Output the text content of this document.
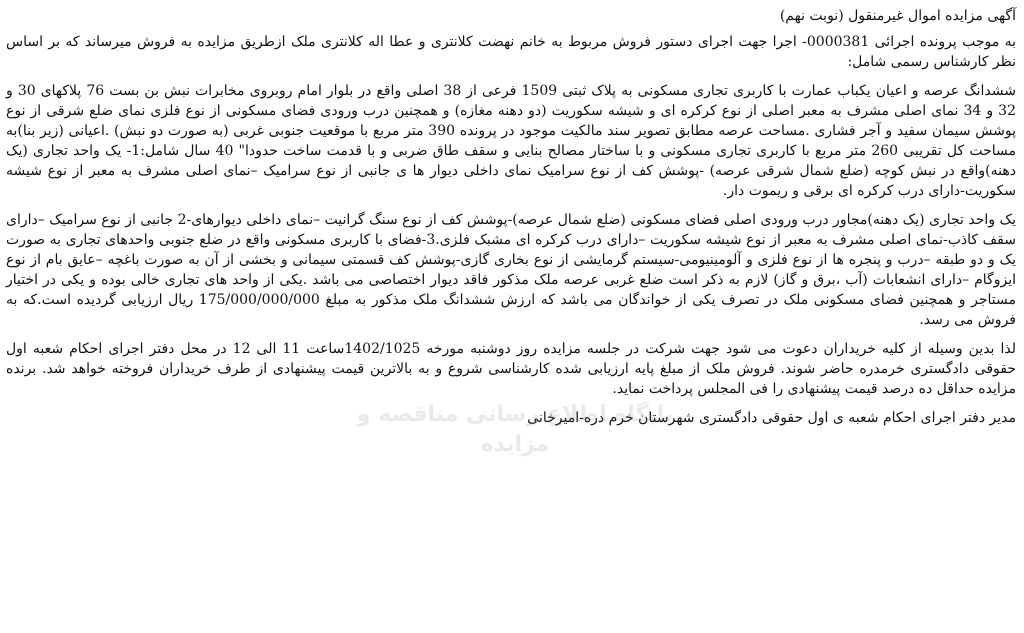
آگهی مزایده اموال غیرمنقول (نوبت نهم)

به موجب پرونده اجرائی 0000381- اجرا جهت اجرای دستور فروش مربوط به خانم نهضت کلانتری و عطا اله کلانتری ملک ازطریق مزایده به فروش میرساند که بر اساس نظر کارشناس رسمی شامل:

ششدانگ عرصه و اعیان یکباب عمارت با کاربری تجاری مسکونی به پلاک ثبتی 1509 فرعی از 38 اصلی واقع در بلوار امام روبروی مخابرات نبش بن بست 76 پلاکهای 30 و 32 و 34 نمای اصلی مشرف به معبر اصلی از نوع کرکره ای و شیشه سکوریت (دو دهنه مغازه) و همچنین درب ورودی فضای مسکونی از نوع فلزی نمای ضلع شرقی از نوع پوشش سیمان سفید و آجر فشاری .مساحت عرصه مطابق تصویر سند مالکیت موجود در پرونده 390 متر مربع با موقعیت جنوبی غربی (به صورت دو نبش) .اعیانی (زیر بنا)به مساحت کل تقریبی 260 متر مربع با کاربری تجاری مسکونی و با ساختار مصالح بنایی و سقف طاق ضربی و با قدمت ساخت حدودا" 40 سال شامل:1- یک واحد تجاری (یک دهنه)واقع در نبش کوچه (ضلع شمال شرقی عرصه) -پوشش کف از نوع سرامیک نمای داخلی دیوار ها ی جانبی از نوع سرامیک –نمای اصلی مشرف به معبر از نوع شیشه سکوریت-دارای درب کرکره ای برقی و ریموت دار.

یک واحد تجاری (یک دهنه)مجاور درب ورودی اصلی فضای مسکونی (ضلع شمال عرصه)-پوشش کف از نوع سنگ گرانیت –نمای داخلی دیوارهای-2 جانبی از نوع سرامیک –دارای سقف کاذب-نمای اصلی مشرف به معبر از نوع شیشه سکوریت –دارای درب کرکره ای مشبک فلزی.3-فضای با کاربری مسکونی واقع در ضلع جنوبی واحدهای تجاری به صورت یک و دو طبقه –درب و پنجره ها از نوع فلزی و آلومینیومی-سیستم گرمایشی از نوع بخاری گازی-پوشش کف قسمتی سیمانی و بخشی از آن به صورت باغچه –عایق بام از نوع ایزوگام –دارای انشعابات (آب ،برق و گاز) لازم به ذکر است ضلع غربی عرصه ملک مذکور فاقد دیوار اختصاصی می باشد .یکی از واحد های تجاری خالی بوده و یکی در اختیار مستاجر و همچنین فضای مسکونی ملک در تصرف یکی از خواندگان می باشد که ارزش ششدانگ ملک مذکور به مبلغ 175/000/000/000 ریال ارزیابی گردیده است.که به فروش می رسد.

لذا بدین وسیله از کلیه خریداران دعوت می شود جهت شرکت در جلسه مزایده روز دوشنبه مورخه 1402/1025ساعت 11 الی 12 در محل دفتر اجرای احکام شعبه اول حقوقی دادگستری خرمدره حاضر شوند. فروش ملک از مبلغ پایه ارزیابی شده کارشناسی شروع و به بالاترین قیمت پیشنهادی از طرف خریداران فروخته خواهد شد. برنده مزایده حداقل ده درصد قیمت پیشنهادی را فی المجلس پرداخت نماید.

مدیر دفتر اجرای احکام شعبه ی اول حقوقی دادگستری شهرستان خرم دره-امیرخانی

پایگاه اطلاع رسانی مناقصه و مزایده
